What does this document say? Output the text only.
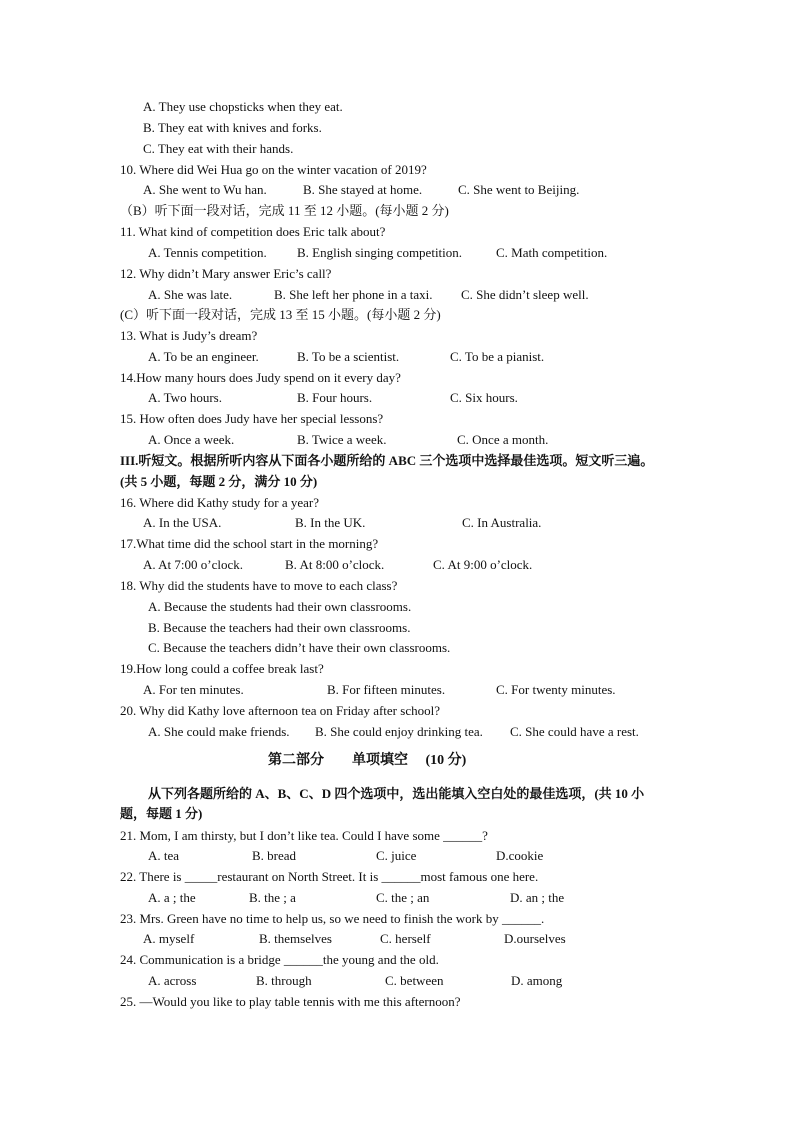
A. They use chopsticks when they eat.
B. They eat with knives and forks.
C. They eat with their hands.
10. Where did Wei Hua go on the winter vacation of 2019?
A. She went to Wu han.	B. She stayed at home.	C. She went to Beijing.
（B）听下面一段对话，完成 11 至 12 小题。(每小题 2 分)
11. What kind of competition does Eric talk about?
A. Tennis competition. B. English singing competition.	C. Math competition.
12. Why didn’t Mary answer Eric’s call?
A. She was late.	B. She left her phone in a taxi. C. She didn’t sleep well.
(C）听下面一段对话，完成 13 至 15 小题。(每小题 2 分)
13. What is Judy’s dream?
A. To be an engineer.	B. To be a scientist.	C. To be a pianist.
14.How many hours does Judy spend on it every day?
A. Two hours.	B. Four hours.	C. Six hours.
15. How often does Judy have her special lessons?
A. Once a week.	B. Twice a week.	C. Once a month.
III.听短文。根据所听内容从下面各小题所给的 ABC 三个选项中选择最佳选项。短文听三遍。
(共 5 小题，每题 2 分，满分 10 分)
16. Where did Kathy study for a year?
A. In the USA.	B. In the UK.	C. In Australia.
17.What time did the school start in the morning?
A. At 7:00 o’clock.	B. At 8:00 o’clock.	C. At 9:00 o’clock.
18. Why did the students have to move to each class?
A. Because the students had their own classrooms.
B. Because the teachers had their own classrooms.
C. Because the teachers didn’t have their own classrooms.
19.How long could a coffee break last?
A. For ten minutes.	B. For fifteen minutes.	C. For twenty minutes.
20. Why did Kathy love afternoon tea on Friday after school?
A. She could make friends. B. She could enjoy drinking tea. C. She could have a rest.
第二部分　　单项填空　 (10 分)
从下列各题所给的 A、B、C、D 四个选项中，选出能填入空白处的最佳选项，(共 10 小
题，每题 1 分)
21. Mom, I am thirsty, but I don’t like tea. Could I have some ______?
A. tea	B. bread	C. juice	D.cookie
22. There is _____restaurant on North Street. It is ______most famous one here.
A. a ; the	B. the ; a	C. the ; an	D. an ; the
23. Mrs. Green have no time to help us, so we need to finish the work by ______.
A. myself	B. themselves	C. herself	D.ourselves
24. Communication is a bridge ______the young and the old.
A. across	B. through	C. between	D. among
25. —Would you like to play table tennis with me this afternoon?
